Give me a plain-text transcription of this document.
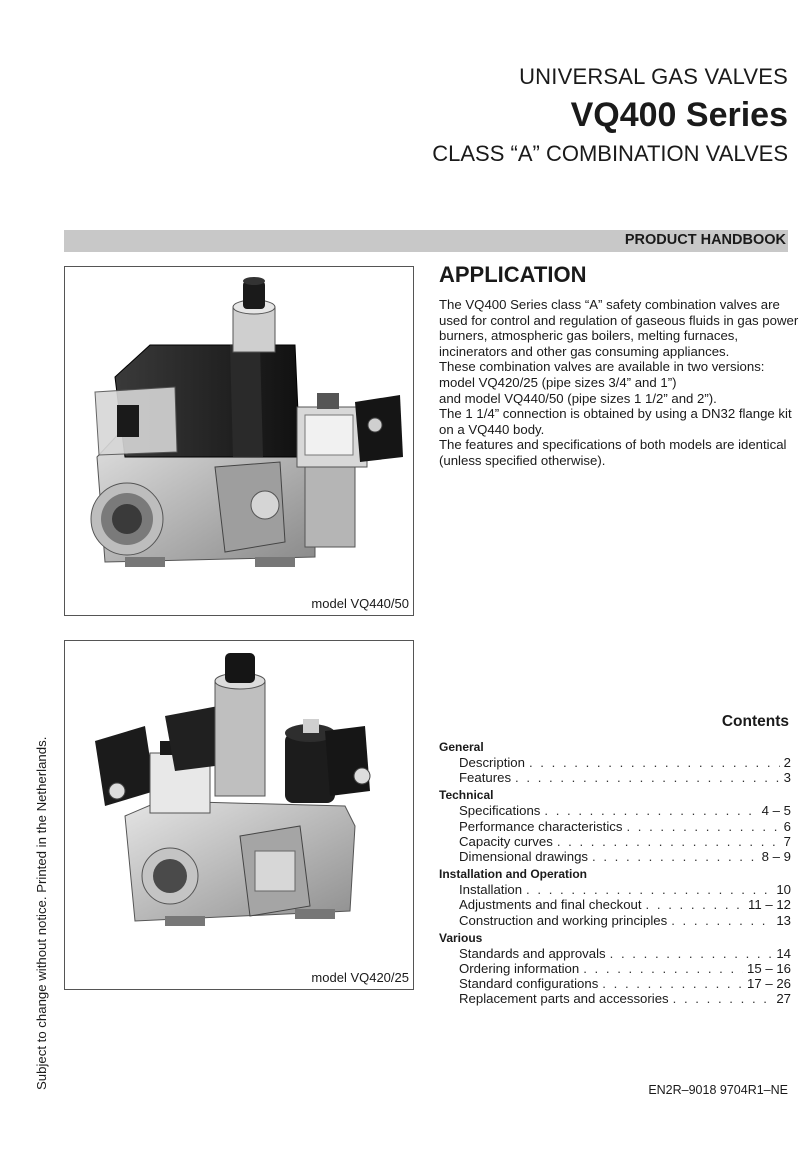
UNIVERSAL GAS VALVES

VQ400 Series

CLASS “A” COMBINATION VALVES

PRODUCT HANDBOOK
model VQ440/50
model VQ420/25
APPLICATION
The VQ400 Series class “A” safety combination valves are
used for control and regulation of gaseous fluids in gas power
burners, atmospheric gas boilers, melting furnaces,
incinerators and other gas consuming appliances.
These combination valves are available in two versions:
model VQ420/25 (pipe sizes 3/4” and 1”)
and model VQ440/50 (pipe sizes 1 1/2” and 2”).
The 1 1/4” connection is obtained by using a DN32 flange kit
on a VQ440 body.
The features and specifications of both models are identical
(unless specified otherwise).
Contents
General
Description . . .	2
Features . . .	3
Technical
Specifications . . .	4 – 5
Performance characteristics . . .	6
Capacity curves . . .	7
Dimensional drawings . . .	8 – 9
Installation and Operation
Installation . . .	10
Adjustments and final checkout . . .	11 – 12
Construction and working principles . . .	13
Various
Standards and approvals . . .	14
Ordering information . . .	15 – 16
Standard configurations . . .	17 – 26
Replacement parts and accessories . . .	27
Subject to change without notice. Printed in the Netherlands.	EN2R–9018 9704R1–NE
